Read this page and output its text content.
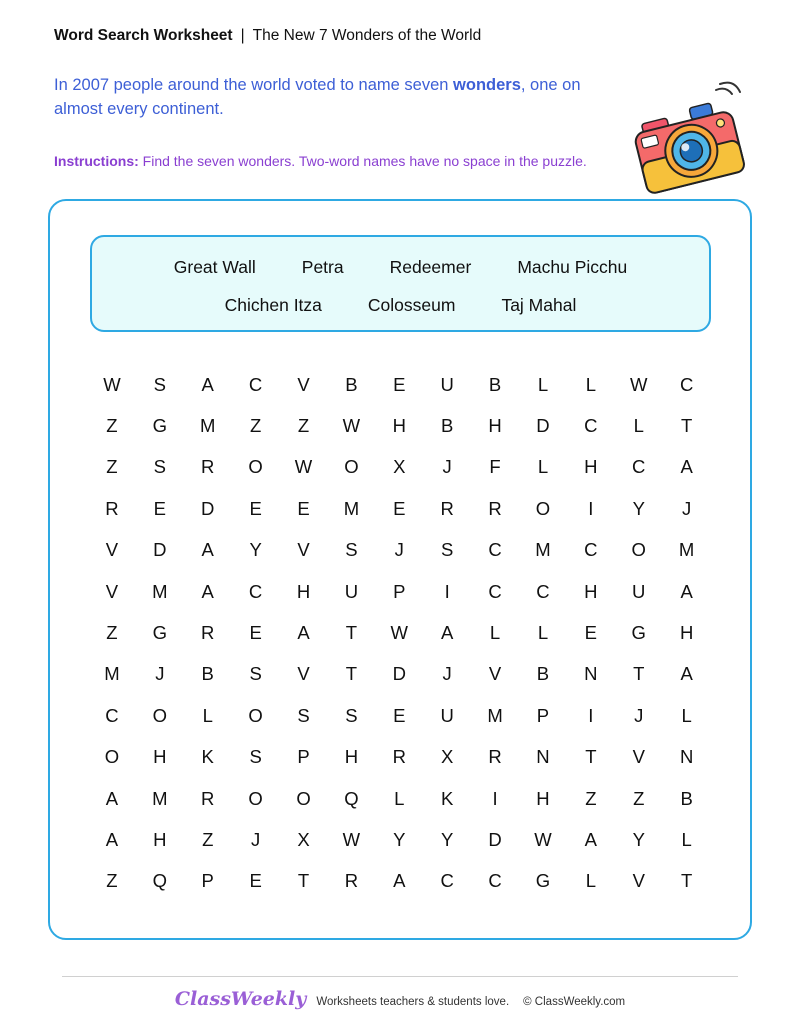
Word Search Worksheet | The New 7 Wonders of the World
In 2007 people around the world voted to name seven wonders, one on almost every continent.
Instructions: Find the seven wonders. Two-word names have no space in the puzzle.
Great Wall	Petra	Redeemer	Machu Picchu
Chichen Itza	Colosseum	Taj Mahal
W	S	A	C	V	B	E	U	B	L	L	W	C
Z	G	M	Z	Z	W	H	B	H	D	C	L	T
Z	S	R	O	W	O	X	J	F	L	H	C	A
R	E	D	E	E	M	E	R	R	O	I	Y	J
V	D	A	Y	V	S	J	S	C	M	C	O	M
V	M	A	C	H	U	P	I	C	C	H	U	A
Z	G	R	E	A	T	W	A	L	L	E	G	H
M	J	B	S	V	T	D	J	V	B	N	T	A
C	O	L	O	S	S	E	U	M	P	I	J	L
O	H	K	S	P	H	R	X	R	N	T	V	N
A	M	R	O	O	Q	L	K	I	H	Z	Z	B
A	H	Z	J	X	W	Y	Y	D	W	A	Y	L
Z	Q	P	E	T	R	A	C	C	G	L	V	T
ClassWeekly Worksheets teachers & students love. © ClassWeekly.com
